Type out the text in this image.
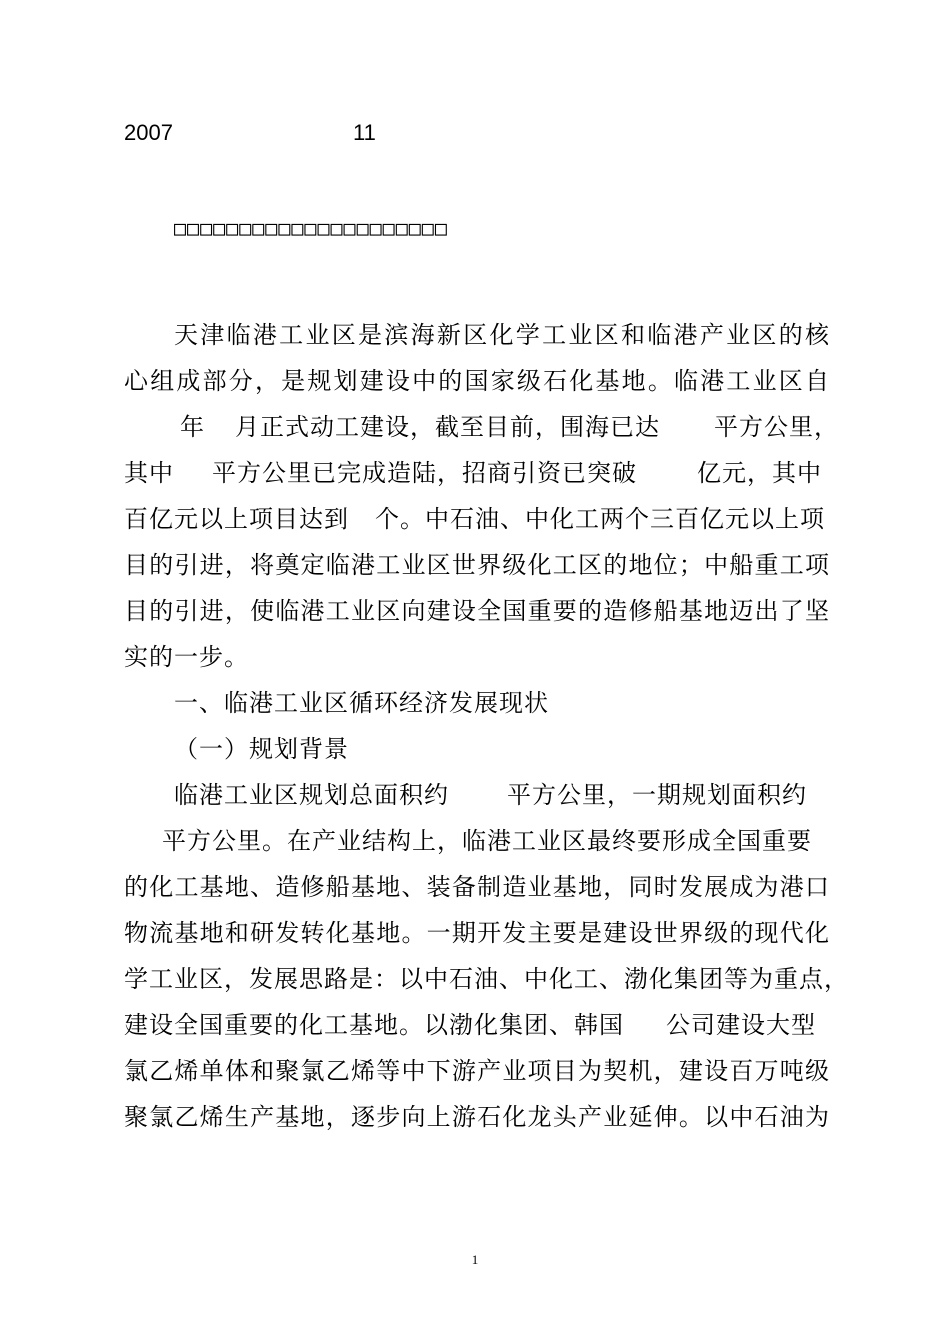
2007	11
□□□□□□□□□□□□□□□□□□□□□
天津临港工业区是滨海新区化学工业区和临港产业区的核
心组成部分，是规划建设中的国家级石化基地。临港工业区自
年 月正式动工建设，截至目前，围海已达 平方公里，
其中 平方公里已完成造陆，招商引资已突破	亿元，其中
百亿元以上项目达到 个。中石油、中化工两个三百亿元以上项
目的引进，将奠定临港工业区世界级化工区的地位；中船重工项
目的引进，使临港工业区向建设全国重要的造修船基地迈出了坚
实的一步。
一、临港工业区循环经济发展现状
（一）规划背景
临港工业区规划总面积约 平方公里，一期规划面积约
平方公里。在产业结构上，临港工业区最终要形成全国重要
的化工基地、造修船基地、装备制造业基地，同时发展成为港口
物流基地和研发转化基地。一期开发主要是建设世界级的现代化
学工业区，发展思路是：以中石油、中化工、渤化集团等为重点，
建设全国重要的化工基地。以渤化集团、韩国 公司建设大型
氯乙烯单体和聚氯乙烯等中下游产业项目为契机，建设百万吨级
聚氯乙烯生产基地，逐步向上游石化龙头产业延伸。以中石油为
1
